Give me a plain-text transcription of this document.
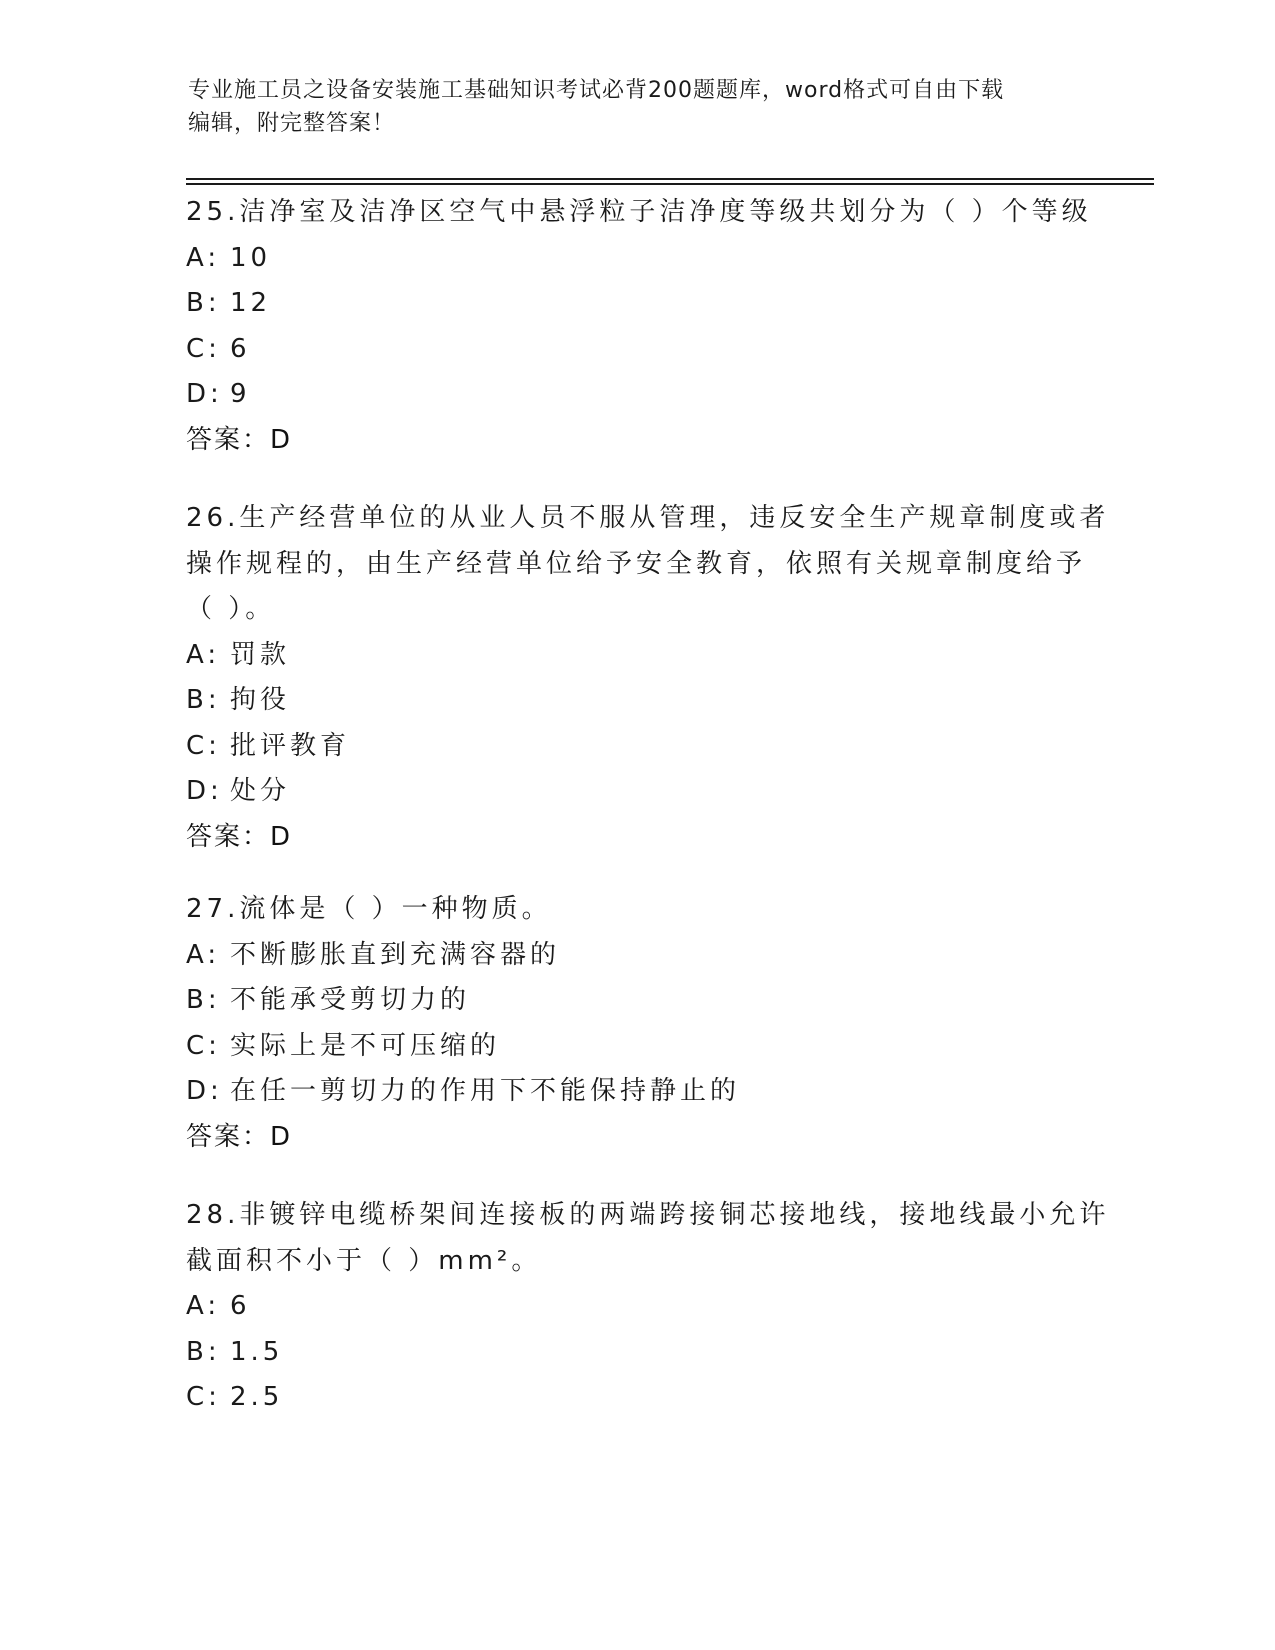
专业施工员之设备安装施工基础知识考试必背200题题库，word格式可自由下载
编辑，附完整答案！
25.洁净室及洁净区空气中悬浮粒子洁净度等级共划分为（ ）个等级
A: 10
B: 12
C: 6
D: 9
答案：D
26.生产经营单位的从业人员不服从管理，违反安全生产规章制度或者
操作规程的，由生产经营单位给予安全教育，依照有关规章制度给予
（ ）。
A: 罚款
B: 拘役
C: 批评教育
D: 处分
答案：D
27.流体是（ ）一种物质。
A: 不断膨胀直到充满容器的
B: 不能承受剪切力的
C: 实际上是不可压缩的
D: 在任一剪切力的作用下不能保持静止的
答案：D
28.非镀锌电缆桥架间连接板的两端跨接铜芯接地线，接地线最小允许
截面积不小于（ ）mm²。
A: 6
B: 1.5
C: 2.5
